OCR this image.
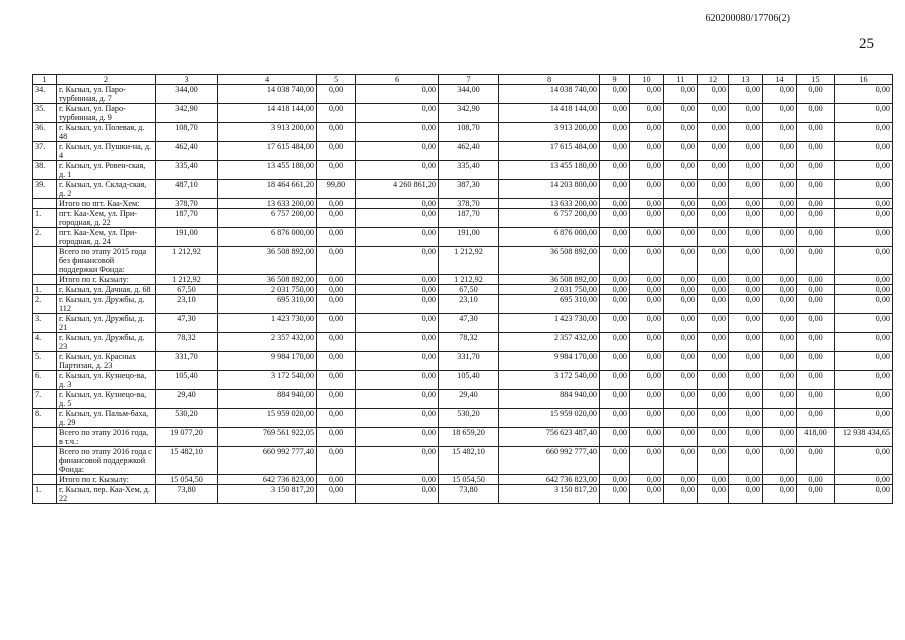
620200080/17706(2)
25
1	2	3	4	5	6	7	8	9	10	11	12	13	14	15	16
34.	г. Кызыл, ул. Паро-турбинная, д. 7	344,00	14 038 740,00	0,00	0,00	344,00	14 038 740,00	0,00	0,00	0,00	0,00	0,00	0,00	0,00	0,00
35.	г. Кызыл, ул. Паро-турбинная, д. 9	342,90	14 418 144,00	0,00	0,00	342,90	14 418 144,00	0,00	0,00	0,00	0,00	0,00	0,00	0,00	0,00
36.	г. Кызыл, ул. Полевая, д. 48	108,70	3 913 200,00	0,00	0,00	108,70	3 913 200,00	0,00	0,00	0,00	0,00	0,00	0,00	0,00	0,00
37.	г. Кызыл, ул. Пушки-на, д. 4	462,40	17 615 484,00	0,00	0,00	462,40	17 615 484,00	0,00	0,00	0,00	0,00	0,00	0,00	0,00	0,00
38.	г. Кызыл, ул. Ровен-ская, д. 1	335,40	13 455 180,00	0,00	0,00	335,40	13 455 180,00	0,00	0,00	0,00	0,00	0,00	0,00	0,00	0,00
39.	г. Кызыл, ул. Склад-ская, д. 2	487,10	18 464 661,20	99,80	4 260 861,20	387,30	14 203 800,00	0,00	0,00	0,00	0,00	0,00	0,00	0,00	0,00
	Итого по пгт. Каа-Хем:	378,70	13 633 200,00	0,00	0,00	378,70	13 633 200,00	0,00	0,00	0,00	0,00	0,00	0,00	0,00	0,00
1.	пгт. Каа-Хем, ул. При-городная, д. 22	187,70	6 757 200,00	0,00	0,00	187,70	6 757 200,00	0,00	0,00	0,00	0,00	0,00	0,00	0,00	0,00
2.	пгт. Каа-Хем, ул. При-городная, д. 24	191,00	6 876 000,00	0,00	0,00	191,00	6 876 000,00	0,00	0,00	0,00	0,00	0,00	0,00	0,00	0,00
	Всего по этапу 2015 года без финансовой поддержки Фонда:	1 212,92	36 508 892,00	0,00	0,00	1 212,92	36 508 892,00	0,00	0,00	0,00	0,00	0,00	0,00	0,00	0,00
	Итого по г. Кызылу:	1 212,92	36 508 892,00	0,00	0,00	1 212,92	36 508 892,00	0,00	0,00	0,00	0,00	0,00	0,00	0,00	0,00
1.	г. Кызыл, ул. Дачная, д. 68	67,50	2 031 750,00	0,00	0,00	67,50	2 031 750,00	0,00	0,00	0,00	0,00	0,00	0,00	0,00	0,00
2.	г. Кызыл, ул. Дружбы, д. 112	23,10	695 310,00	0,00	0,00	23,10	695 310,00	0,00	0,00	0,00	0,00	0,00	0,00	0,00	0,00
3.	г. Кызыл, ул. Дружбы, д. 21	47,30	1 423 730,00	0,00	0,00	47,30	1 423 730,00	0,00	0,00	0,00	0,00	0,00	0,00	0,00	0,00
4.	г. Кызыл, ул. Дружбы, д. 23	78,32	2 357 432,00	0,00	0,00	78,32	2 357 432,00	0,00	0,00	0,00	0,00	0,00	0,00	0,00	0,00
5.	г. Кызыл, ул. Красных Партизан, д. 23	331,70	9 984 170,00	0,00	0,00	331,70	9 984 170,00	0,00	0,00	0,00	0,00	0,00	0,00	0,00	0,00
6.	г. Кызыл, ул. Кузнецо-ва, д. 3	105,40	3 172 540,00	0,00	0,00	105,40	3 172 540,00	0,00	0,00	0,00	0,00	0,00	0,00	0,00	0,00
7.	г. Кызыл, ул. Кузнецо-ва, д. 5	29,40	884 940,00	0,00	0,00	29,40	884 940,00	0,00	0,00	0,00	0,00	0,00	0,00	0,00	0,00
8.	г. Кызыл, ул. Пальм-баха, д. 29	530,20	15 959 020,00	0,00	0,00	530,20	15 959 020,00	0,00	0,00	0,00	0,00	0,00	0,00	0,00	0,00
	Всего по этапу 2016 года, в т.ч.:	19 077,20	769 561 922,05	0,00	0,00	18 659,20	756 623 487,40	0,00	0,00	0,00	0,00	0,00	0,00	418,00	12 938 434,65
	Всего по этапу 2016 года с финансовой поддержкой Фонда:	15 482,10	660 992 777,40	0,00	0,00	15 482,10	660 992 777,40	0,00	0,00	0,00	0,00	0,00	0,00	0,00	0,00
	Итого по г. Кызылу:	15 054,50	642 736 823,00	0,00	0,00	15 054,50	642 736 823,00	0,00	0,00	0,00	0,00	0,00	0,00	0,00	0,00
1.	г. Кызыл, пер. Каа-Хем, д. 22	73,80	3 150 817,20	0,00	0,00	73,80	3 150 817,20	0,00	0,00	0,00	0,00	0,00	0,00	0,00	0,00
